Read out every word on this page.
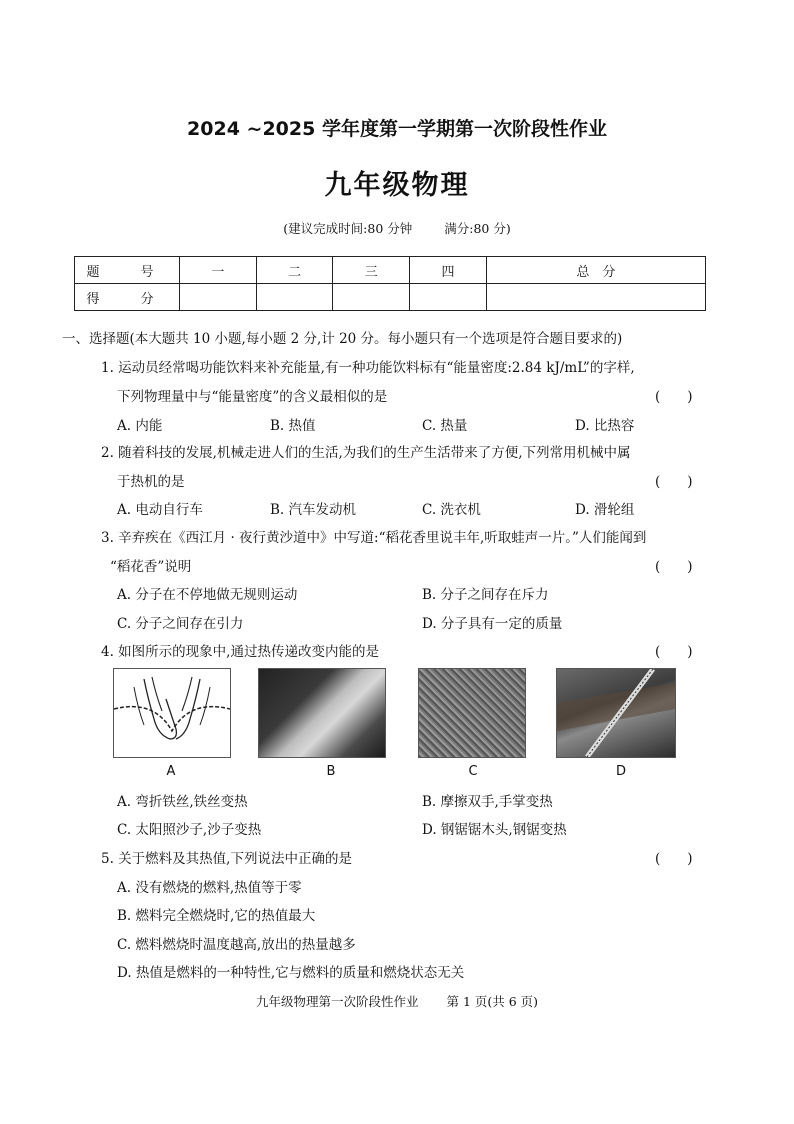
2024 ~2025 学年度第一学期第一次阶段性作业
九年级物理
(建议完成时间:80 分钟	满分:80 分)
题　号	一	二	三	四	总　分
得　分					
一、选择题(本大题共 10 小题,每小题 2 分,计 20 分。每小题只有一个选项是符合题目要求的)
1. 运动员经常喝功能饮料来补充能量,有一种功能饮料标有“能量密度:2.84 kJ/mL”的字样,
下列物理量中与“能量密度”的含义最相似的是	(　　)
A. 内能	B. 热值	C. 热量	D. 比热容
2. 随着科技的发展,机械走进人们的生活,为我们的生产生活带来了方便,下列常用机械中属
于热机的是	(　　)
A. 电动自行车	B. 汽车发动机	C. 洗衣机	D. 滑轮组
3. 辛弃疾在《西江月 · 夜行黄沙道中》中写道:“稻花香里说丰年,听取蛙声一片。”人们能闻到
“稻花香”说明	(　　)
A. 分子在不停地做无规则运动	B. 分子之间存在斥力
C. 分子之间存在引力	D. 分子具有一定的质量
4. 如图所示的现象中,通过热传递改变内能的是	(　　)
A	B	C	D
A. 弯折铁丝,铁丝变热	B. 摩擦双手,手掌变热
C. 太阳照沙子,沙子变热	D. 钢锯锯木头,钢锯变热
5. 关于燃料及其热值,下列说法中正确的是	(　　)
A. 没有燃烧的燃料,热值等于零
B. 燃料完全燃烧时,它的热值最大
C. 燃料燃烧时温度越高,放出的热量越多
D. 热值是燃料的一种特性,它与燃料的质量和燃烧状态无关
九年级物理第一次阶段性作业 第 1 页(共 6 页)
